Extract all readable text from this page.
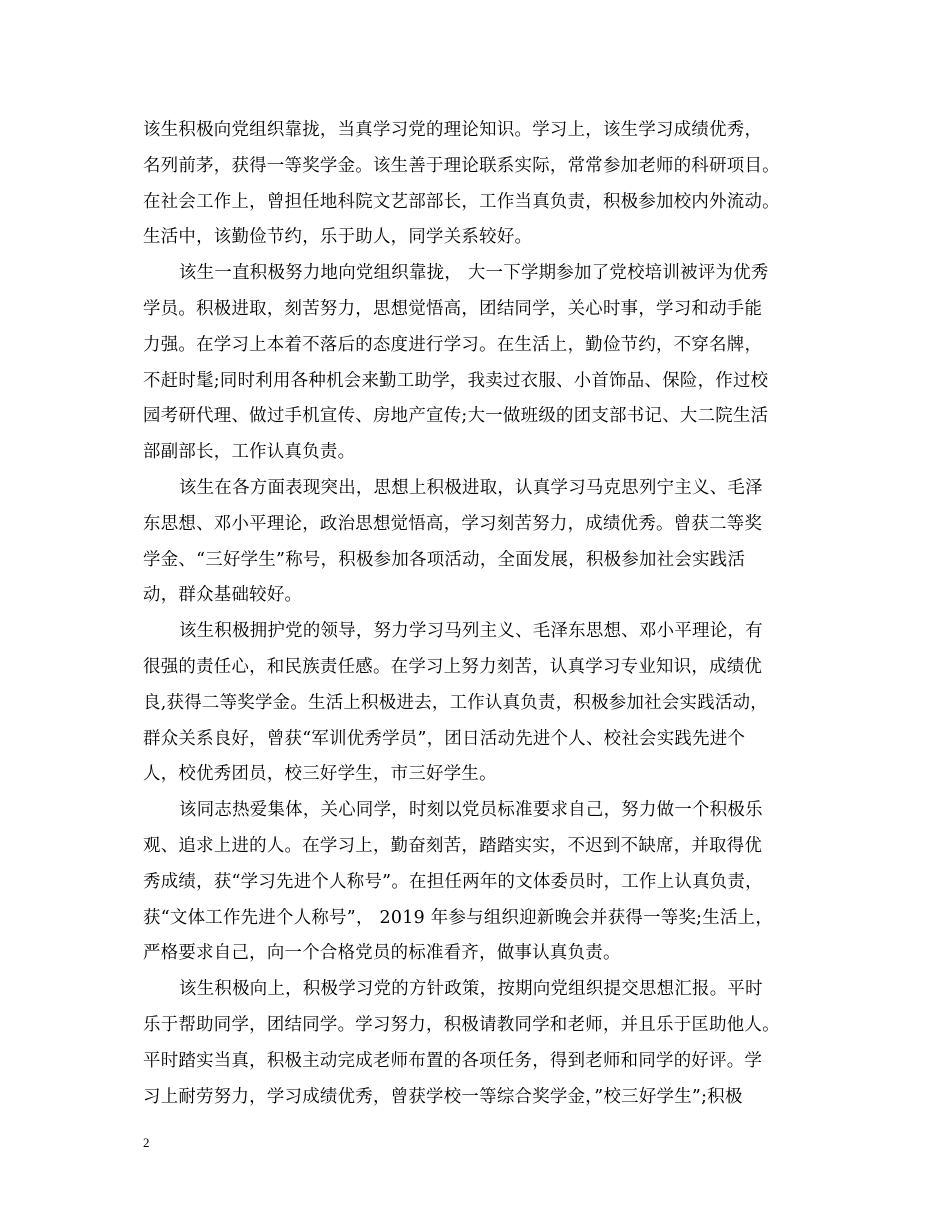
该生积极向党组织靠拢，当真学习党的理论知识。学习上，该生学习成绩优秀，
名列前茅，获得一等奖学金。该生善于理论联系实际，常常参加老师的科研项目。
在社会工作上，曾担任地科院文艺部部长，工作当真负责，积极参加校内外流动。
生活中，该勤俭节约，乐于助人，同学关系较好。

该生一直积极努力地向党组织靠拢， 大一下学期参加了党校培训被评为优秀
学员。积极进取，刻苦努力，思想觉悟高，团结同学，关心时事，学习和动手能
力强。在学习上本着不落后的态度进行学习。在生活上，勤俭节约，不穿名牌，
不赶时髦;同时利用各种机会来勤工助学，我卖过衣服、小首饰品、保险，作过校
园考研代理、做过手机宣传、房地产宣传;大一做班级的团支部书记、大二院生活
部副部长，工作认真负责。

该生在各方面表现突出，思想上积极进取，认真学习马克思列宁主义、毛泽
东思想、邓小平理论，政治思想觉悟高，学习刻苦努力，成绩优秀。曾获二等奖
学金、“三好学生”称号，积极参加各项活动，全面发展，积极参加社会实践活
动，群众基础较好。

该生积极拥护党的领导，努力学习马列主义、毛泽东思想、邓小平理论，有
很强的责任心，和民族责任感。在学习上努力刻苦，认真学习专业知识，成绩优
良,获得二等奖学金。生活上积极进去，工作认真负责，积极参加社会实践活动，
群众关系良好，曾获“军训优秀学员”，团日活动先进个人、校社会实践先进个
人，校优秀团员，校三好学生，市三好学生。

该同志热爱集体，关心同学，时刻以党员标准要求自己，努力做一个积极乐
观、追求上进的人。在学习上，勤奋刻苦，踏踏实实，不迟到不缺席，并取得优
秀成绩，获“学习先进个人称号”。在担任两年的文体委员时，工作上认真负责，
获“文体工作先进个人称号”， 2019 年参与组织迎新晚会并获得一等奖;生活上，
严格要求自己，向一个合格党员的标准看齐，做事认真负责。

该生积极向上，积极学习党的方针政策，按期向党组织提交思想汇报。平时
乐于帮助同学，团结同学。学习努力，积极请教同学和老师，并且乐于匡助他人。
平时踏实当真，积极主动完成老师布置的各项任务，得到老师和同学的好评。学
习上耐劳努力，学习成绩优秀，曾获学校一等综合奖学金，”校三好学生”;积极

2
